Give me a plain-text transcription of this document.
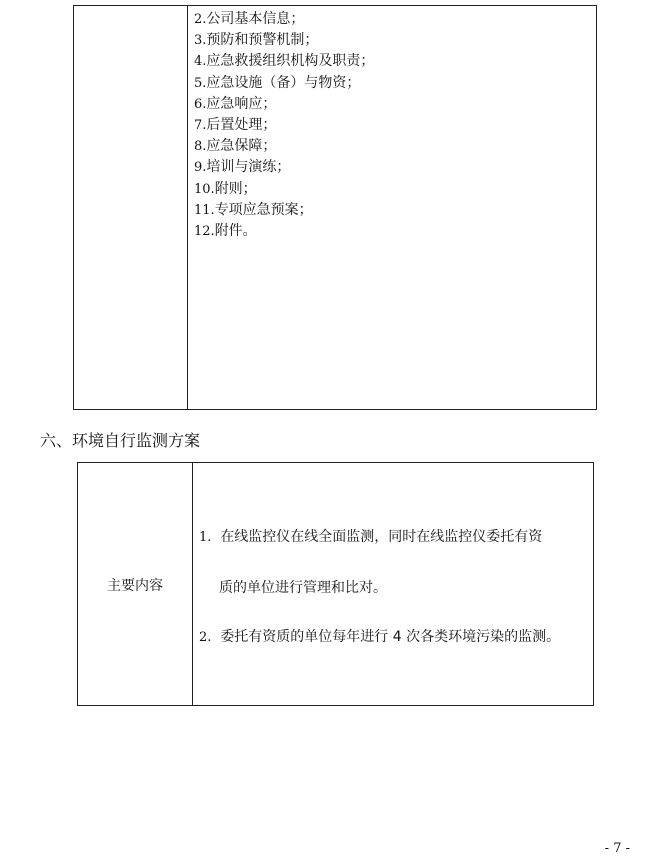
2.公司基本信息；
3.预防和预警机制；
4.应急救援组织机构及职责；
5.应急设施（备）与物资；
6.应急响应；
7.后置处理；
8.应急保障；
9.培训与演练；
10.附则；
11.专项应急预案；
12.附件。
六、环境自行监测方案
主要内容
1. 在线监控仪在线全面监测，同时在线监控仪委托有资
质的单位进行管理和比对。
2. 委托有资质的单位每年进行 4 次各类环境污染的监测。
- 7 -
